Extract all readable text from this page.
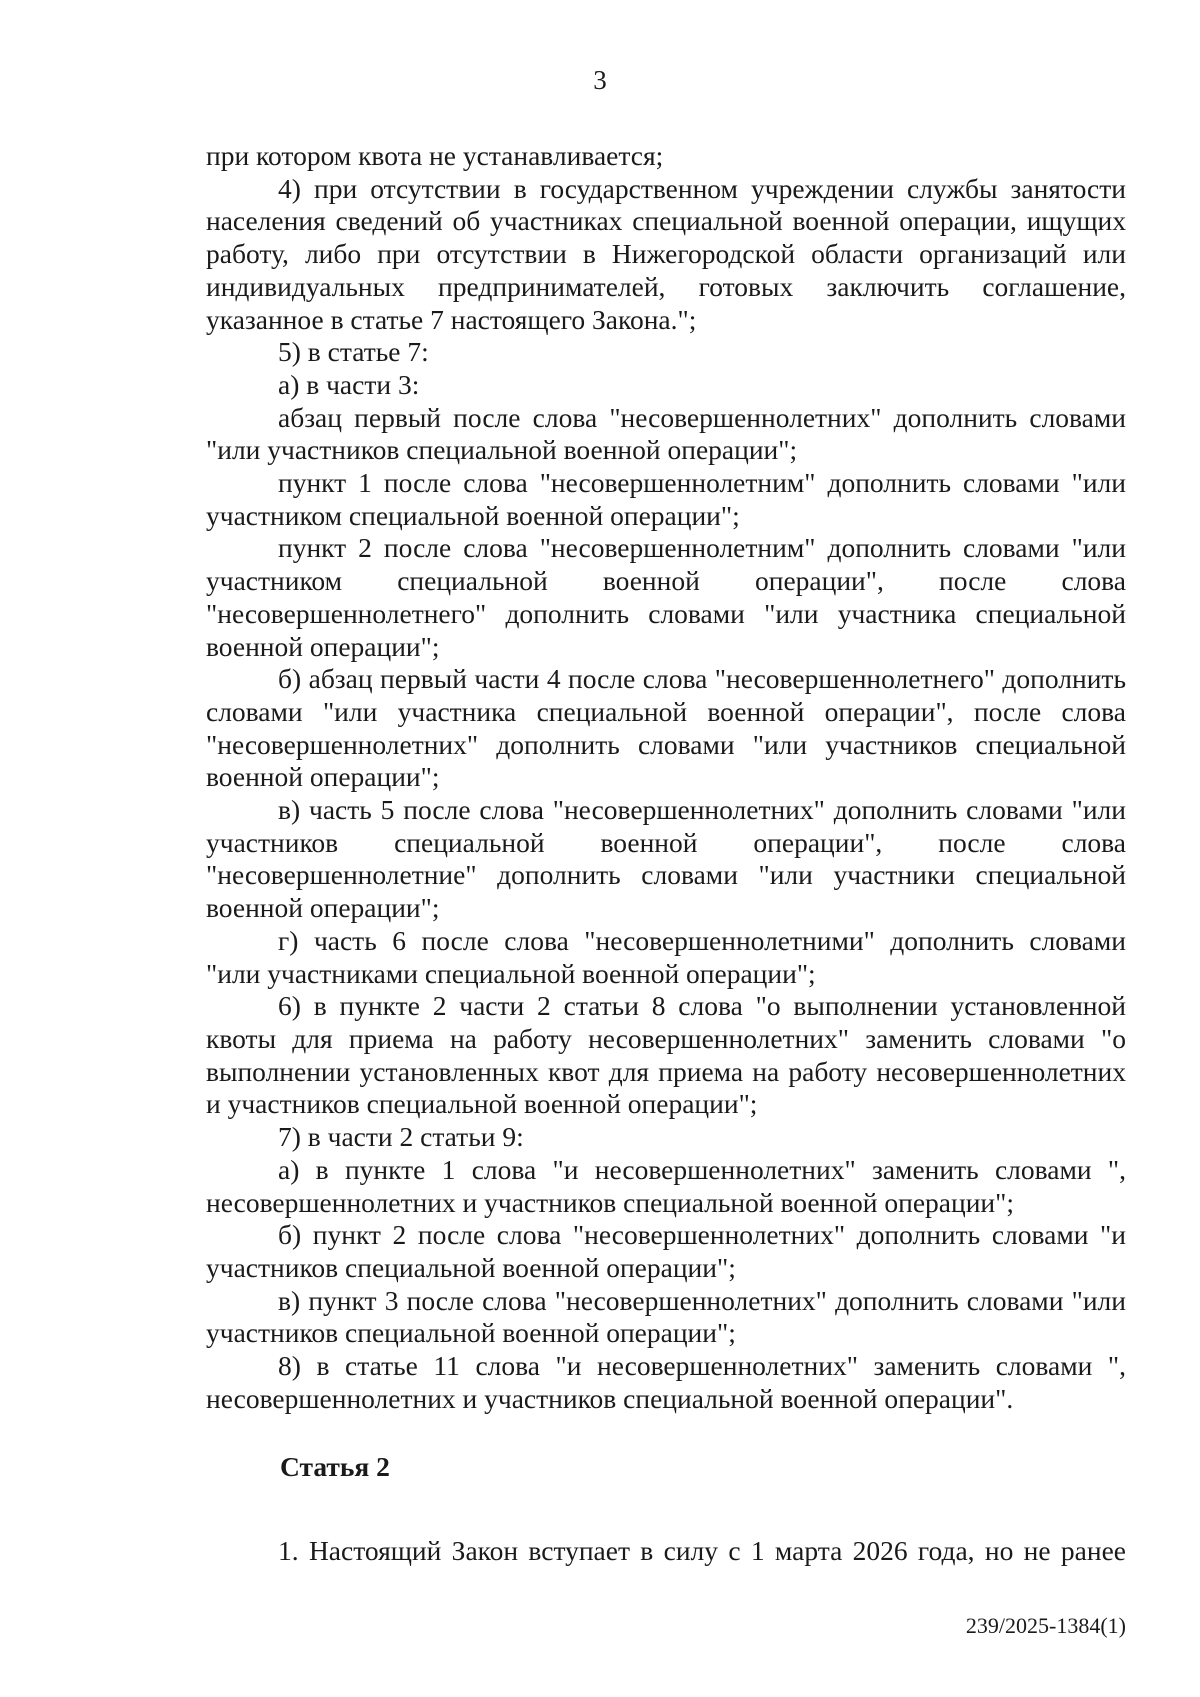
3

при котором квота не устанавливается;

4) при отсутствии в государственном учреждении службы занятости населения сведений об участниках специальной военной операции, ищущих работу, либо при отсутствии в Нижегородской области организаций или индивидуальных предпринимателей, готовых заключить соглашение, указанное в статье 7 настоящего Закона.";

5) в статье 7:

а) в части 3:

абзац первый после слова "несовершеннолетних" дополнить словами "или участников специальной военной операции";

пункт 1 после слова "несовершеннолетним" дополнить словами "или участником специальной военной операции";

пункт 2 после слова "несовершеннолетним" дополнить словами "или участником специальной военной операции", после слова "несовершеннолетнего" дополнить словами "или участника специальной военной операции";

б) абзац первый части 4 после слова "несовершеннолетнего" дополнить словами "или участника специальной военной операции", после слова "несовершеннолетних" дополнить словами "или участников специальной военной операции";

в) часть 5 после слова "несовершеннолетних" дополнить словами "или участников специальной военной операции", после слова "несовершеннолетние" дополнить словами "или участники специальной военной операции";

г) часть 6 после слова "несовершеннолетними" дополнить словами "или участниками специальной военной операции";

6) в пункте 2 части 2 статьи 8 слова "о выполнении установленной квоты для приема на работу несовершеннолетних" заменить словами "о выполнении установленных квот для приема на работу несовершеннолетних и участников специальной военной операции";

7) в части 2 статьи 9:

а) в пункте 1 слова "и несовершеннолетних" заменить словами ", несовершеннолетних и участников специальной военной операции";

б) пункт 2 после слова "несовершеннолетних" дополнить словами "и участников специальной военной операции";

в) пункт 3 после слова "несовершеннолетних" дополнить словами "или участников специальной военной операции";

8) в статье 11 слова "и несовершеннолетних" заменить словами ", несовершеннолетних и участников специальной военной операции".

Статья 2

1. Настоящий Закон вступает в силу с 1 марта 2026 года, но не ранее

239/2025-1384(1)
